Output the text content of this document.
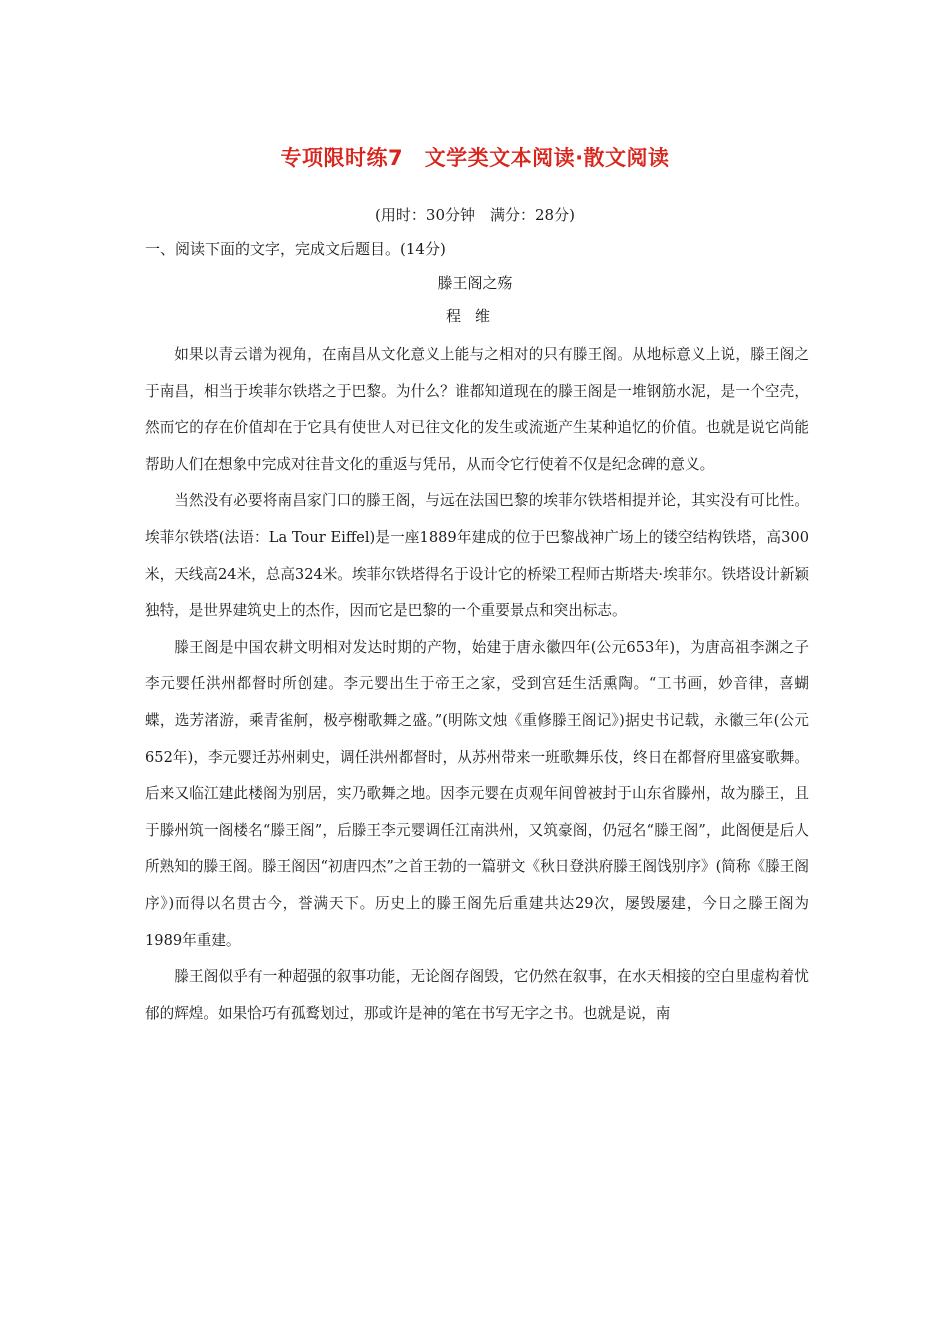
专项限时练7　文学类文本阅读·散文阅读
(用时：30分钟　满分：28分)
一、阅读下面的文字，完成文后题目。(14分)
滕王阁之殇
程维

如果以青云谱为视角，在南昌从文化意义上能与之相对的只有滕王阁。从地标意义上说，滕王阁之于南昌，相当于埃菲尔铁塔之于巴黎。为什么？谁都知道现在的滕王阁是一堆钢筋水泥，是一个空壳，然而它的存在价值却在于它具有使世人对已往文化的发生或流逝产生某种追忆的价值。也就是说它尚能帮助人们在想象中完成对往昔文化的重返与凭吊，从而令它行使着不仅是纪念碑的意义。

当然没有必要将南昌家门口的滕王阁，与远在法国巴黎的埃菲尔铁塔相提并论，其实没有可比性。埃菲尔铁塔(法语：La Tour Eiffel)是一座1889年建成的位于巴黎战神广场上的镂空结构铁塔，高300米，天线高24米，总高324米。埃菲尔铁塔得名于设计它的桥梁工程师古斯塔夫·埃菲尔。铁塔设计新颖独特，是世界建筑史上的杰作，因而它是巴黎的一个重要景点和突出标志。

滕王阁是中国农耕文明相对发达时期的产物，始建于唐永徽四年(公元653年)，为唐高祖李渊之子李元婴任洪州都督时所创建。李元婴出生于帝王之家，受到宫廷生活熏陶。“工书画，妙音律，喜蝴蝶，选芳渚游，乘青雀舸，极亭榭歌舞之盛。”(明陈文烛《重修滕王阁记》)据史书记载，永徽三年(公元652年)，李元婴迁苏州刺史，调任洪州都督时，从苏州带来一班歌舞乐伎，终日在都督府里盛宴歌舞。后来又临江建此楼阁为别居，实乃歌舞之地。因李元婴在贞观年间曾被封于山东省滕州，故为滕王，且于滕州筑一阁楼名“滕王阁”，后滕王李元婴调任江南洪州，又筑豪阁，仍冠名“滕王阁”，此阁便是后人所熟知的滕王阁。滕王阁因“初唐四杰”之首王勃的一篇骈文《秋日登洪府滕王阁饯别序》(简称《滕王阁序》)而得以名贯古今，誉满天下。历史上的滕王阁先后重建共达29次，屡毁屡建，今日之滕王阁为1989年重建。

滕王阁似乎有一种超强的叙事功能，无论阁存阁毁，它仍然在叙事，在水天相接的空白里虚构着忧郁的辉煌。如果恰巧有孤鹜划过，那或许是神的笔在书写无字之书。也就是说，南
